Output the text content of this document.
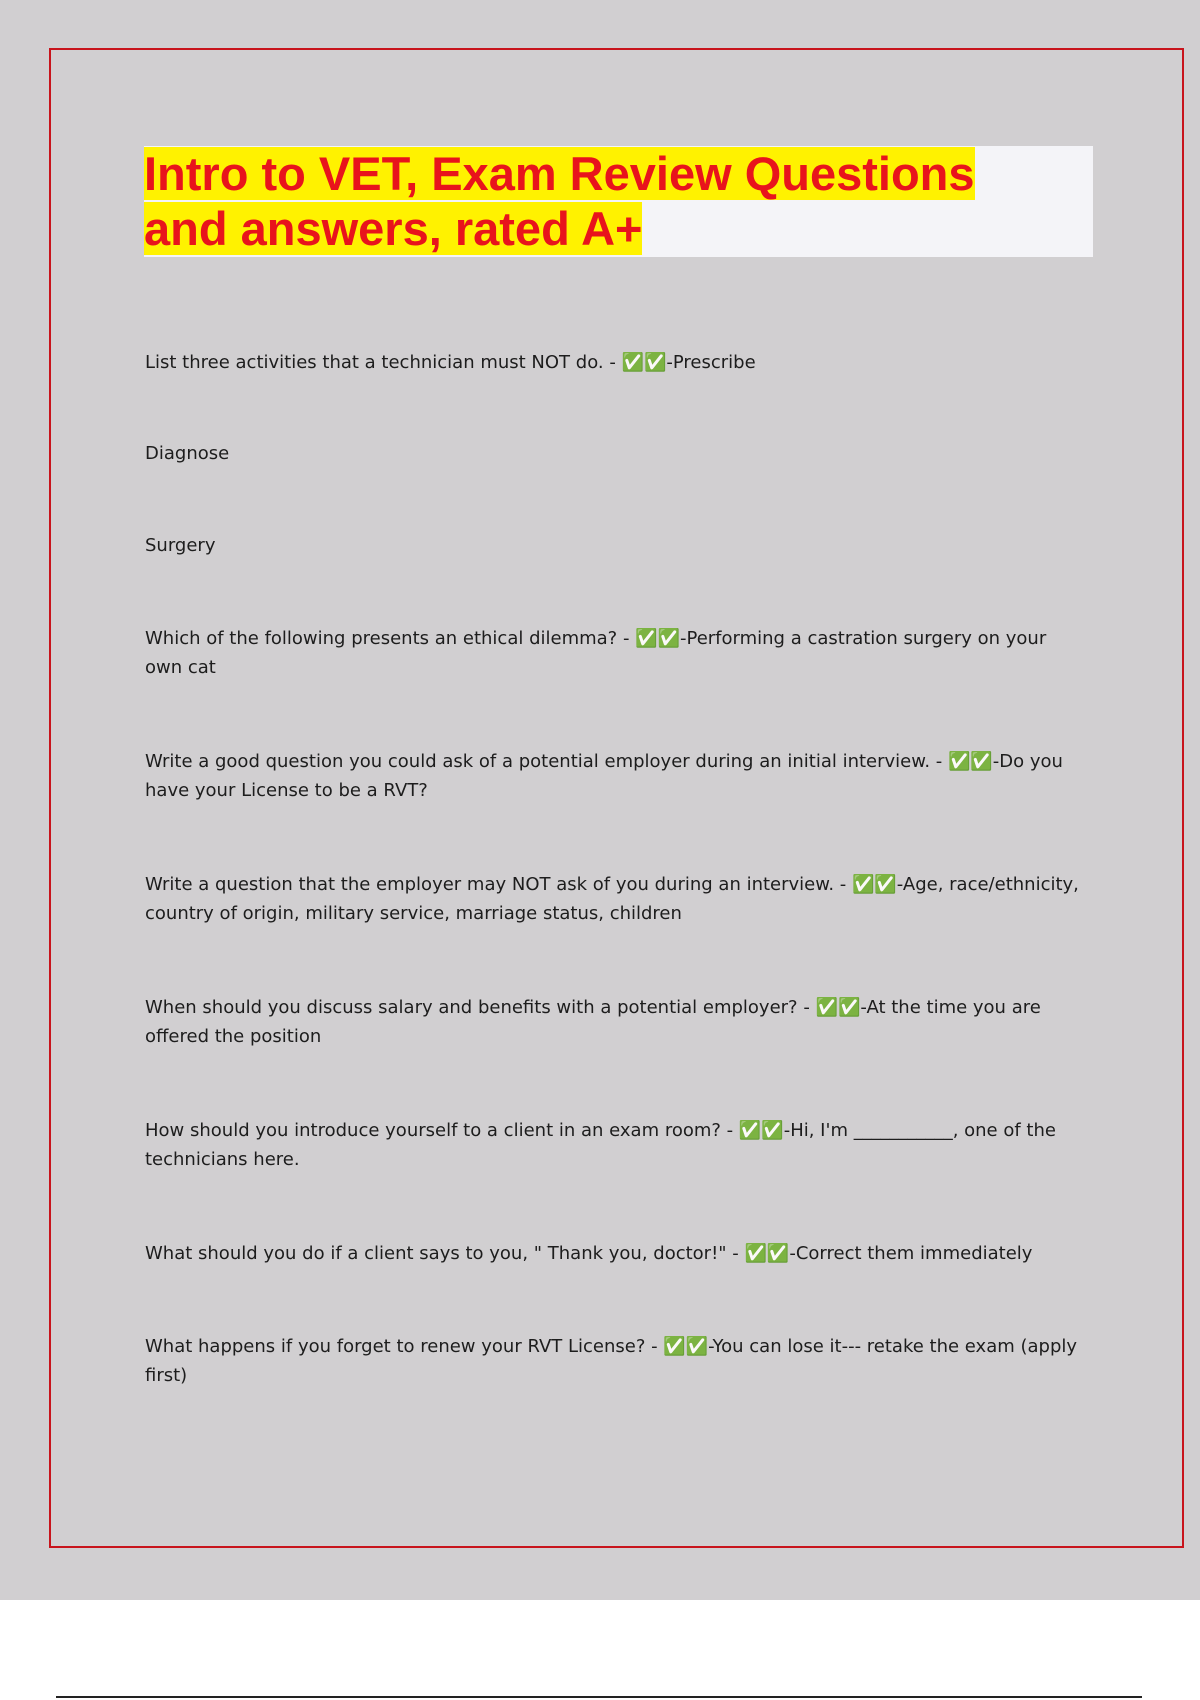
Intro to VET, Exam Review Questions and answers, rated A+

List three activities that a technician must NOT do. - ✅✅-Prescribe

Diagnose

Surgery

Which of the following presents an ethical dilemma? - ✅✅-Performing a castration surgery on your own cat

Write a good question you could ask of a potential employer during an initial interview. - ✅✅-Do you have your License to be a RVT?

Write a question that the employer may NOT ask of you during an interview. - ✅✅-Age, race/ethnicity, country of origin, military service, marriage status, children

When should you discuss salary and benefits with a potential employer? - ✅✅-At the time you are offered the position

How should you introduce yourself to a client in an exam room? - ✅✅-Hi, I'm ___________, one of the technicians here.

What should you do if a client says to you, " Thank you, doctor!" - ✅✅-Correct them immediately

What happens if you forget to renew your RVT License? - ✅✅-You can lose it--- retake the exam (apply first)
